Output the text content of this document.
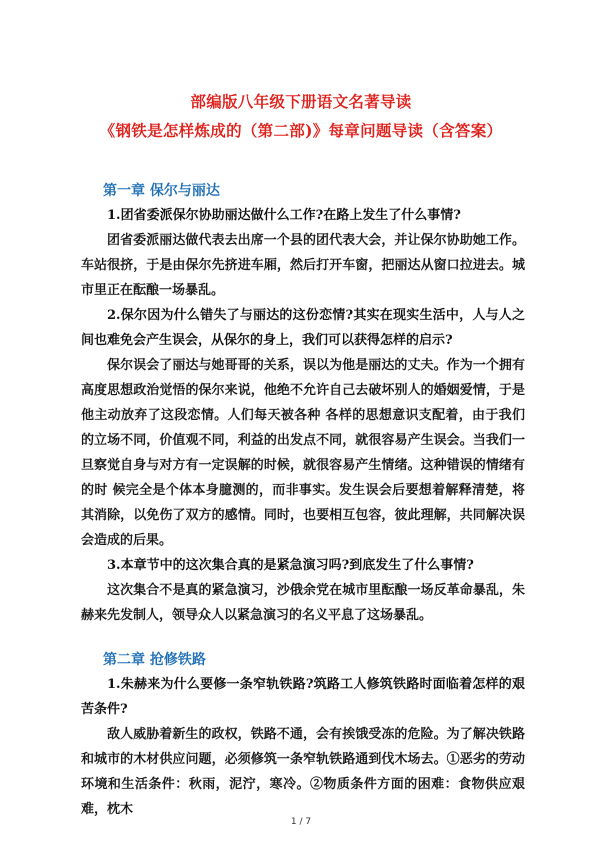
部编版八年级下册语文名著导读
《钢铁是怎样炼成的（第二部)》每章问题导读（含答案）
第一章 保尔与丽达

1.团省委派保尔协助丽达做什么工作?在路上发生了什么事情?

团省委派丽达做代表去出席一个县的团代表大会，并让保尔协助她工作。车站很挤，于是由保尔先挤进车厢，然后打开车窗，把丽达从窗口拉进去。城市里正在酝酿一场暴乱。

2.保尔因为什么错失了与丽达的这份恋情?其实在现实生活中，人与人之间也难免会产生误会，从保尔的身上，我们可以获得怎样的启示?

保尔误会了丽达与她哥哥的关系，误以为他是丽达的丈夫。作为一个拥有高度思想政治觉悟的保尔来说，他绝不允许自己去破坏别人的婚姻爱情，于是他主动放弃了这段恋情。人们每天被各种 各样的思想意识支配着，由于我们的立场不同，价值观不同，利益的出发点不同，就很容易产生误会。当我们一旦察觉自身与对方有一定误解的时候，就很容易产生情绪。这种错误的情绪有的时 候完全是个体本身臆测的，而非事实。发生误会后要想着解释清楚，将其消除，以免伤了双方的感情。同时，也要相互包容，彼此理解，共同解决误会造成的后果。

3.本章节中的这次集合真的是紧急演习吗?到底发生了什么事情?

这次集合不是真的紧急演习，沙俄余党在城市里酝酿一场反革命暴乱，朱赫来先发制人，领导众人以紧急演习的名义平息了这场暴乱。

第二章 抢修铁路

1.朱赫来为什么要修一条窄轨铁路?筑路工人修筑铁路时面临着怎样的艰苦条件?

敌人威胁着新生的政权，铁路不通，会有挨饿受冻的危险。为了解决铁路和城市的木材供应问题，必须修筑一条窄轨铁路通到伐木场去。①恶劣的劳动环境和生活条件：秋雨，泥泞，寒冷。②物质条件方面的困难：食物供应艰难，枕木

1 / 7
